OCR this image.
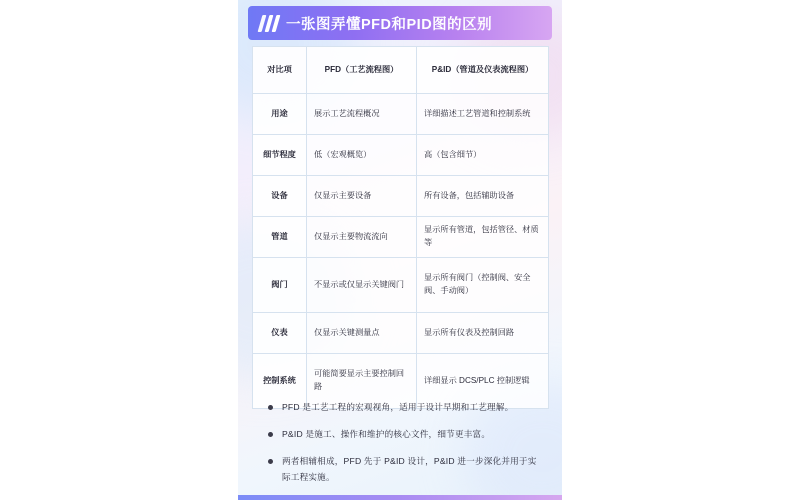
一张图弄懂PFD和PID图的区别
对比项	PFD（工艺流程图）	P&ID（管道及仪表流程图）
用途	展示工艺流程概况	详细描述工艺管道和控制系统
细节程度	低（宏观概览）	高（包含细节）
设备	仅显示主要设备	所有设备，包括辅助设备
管道	仅显示主要物流流向	显示所有管道，包括管径、材质等
阀门	不显示或仅显示关键阀门	显示所有阀门（控制阀、安全阀、手动阀）
仪表	仅显示关键测量点	显示所有仪表及控制回路
控制系统	可能简要显示主要控制回路	详细显示 DCS/PLC 控制逻辑
PFD 是工艺工程的宏观视角，适用于设计早期和工艺理解。
P&ID 是施工、操作和维护的核心文件，细节更丰富。
两者相辅相成，PFD 先于 P&ID 设计，P&ID 进一步深化并用于实际工程实施。
